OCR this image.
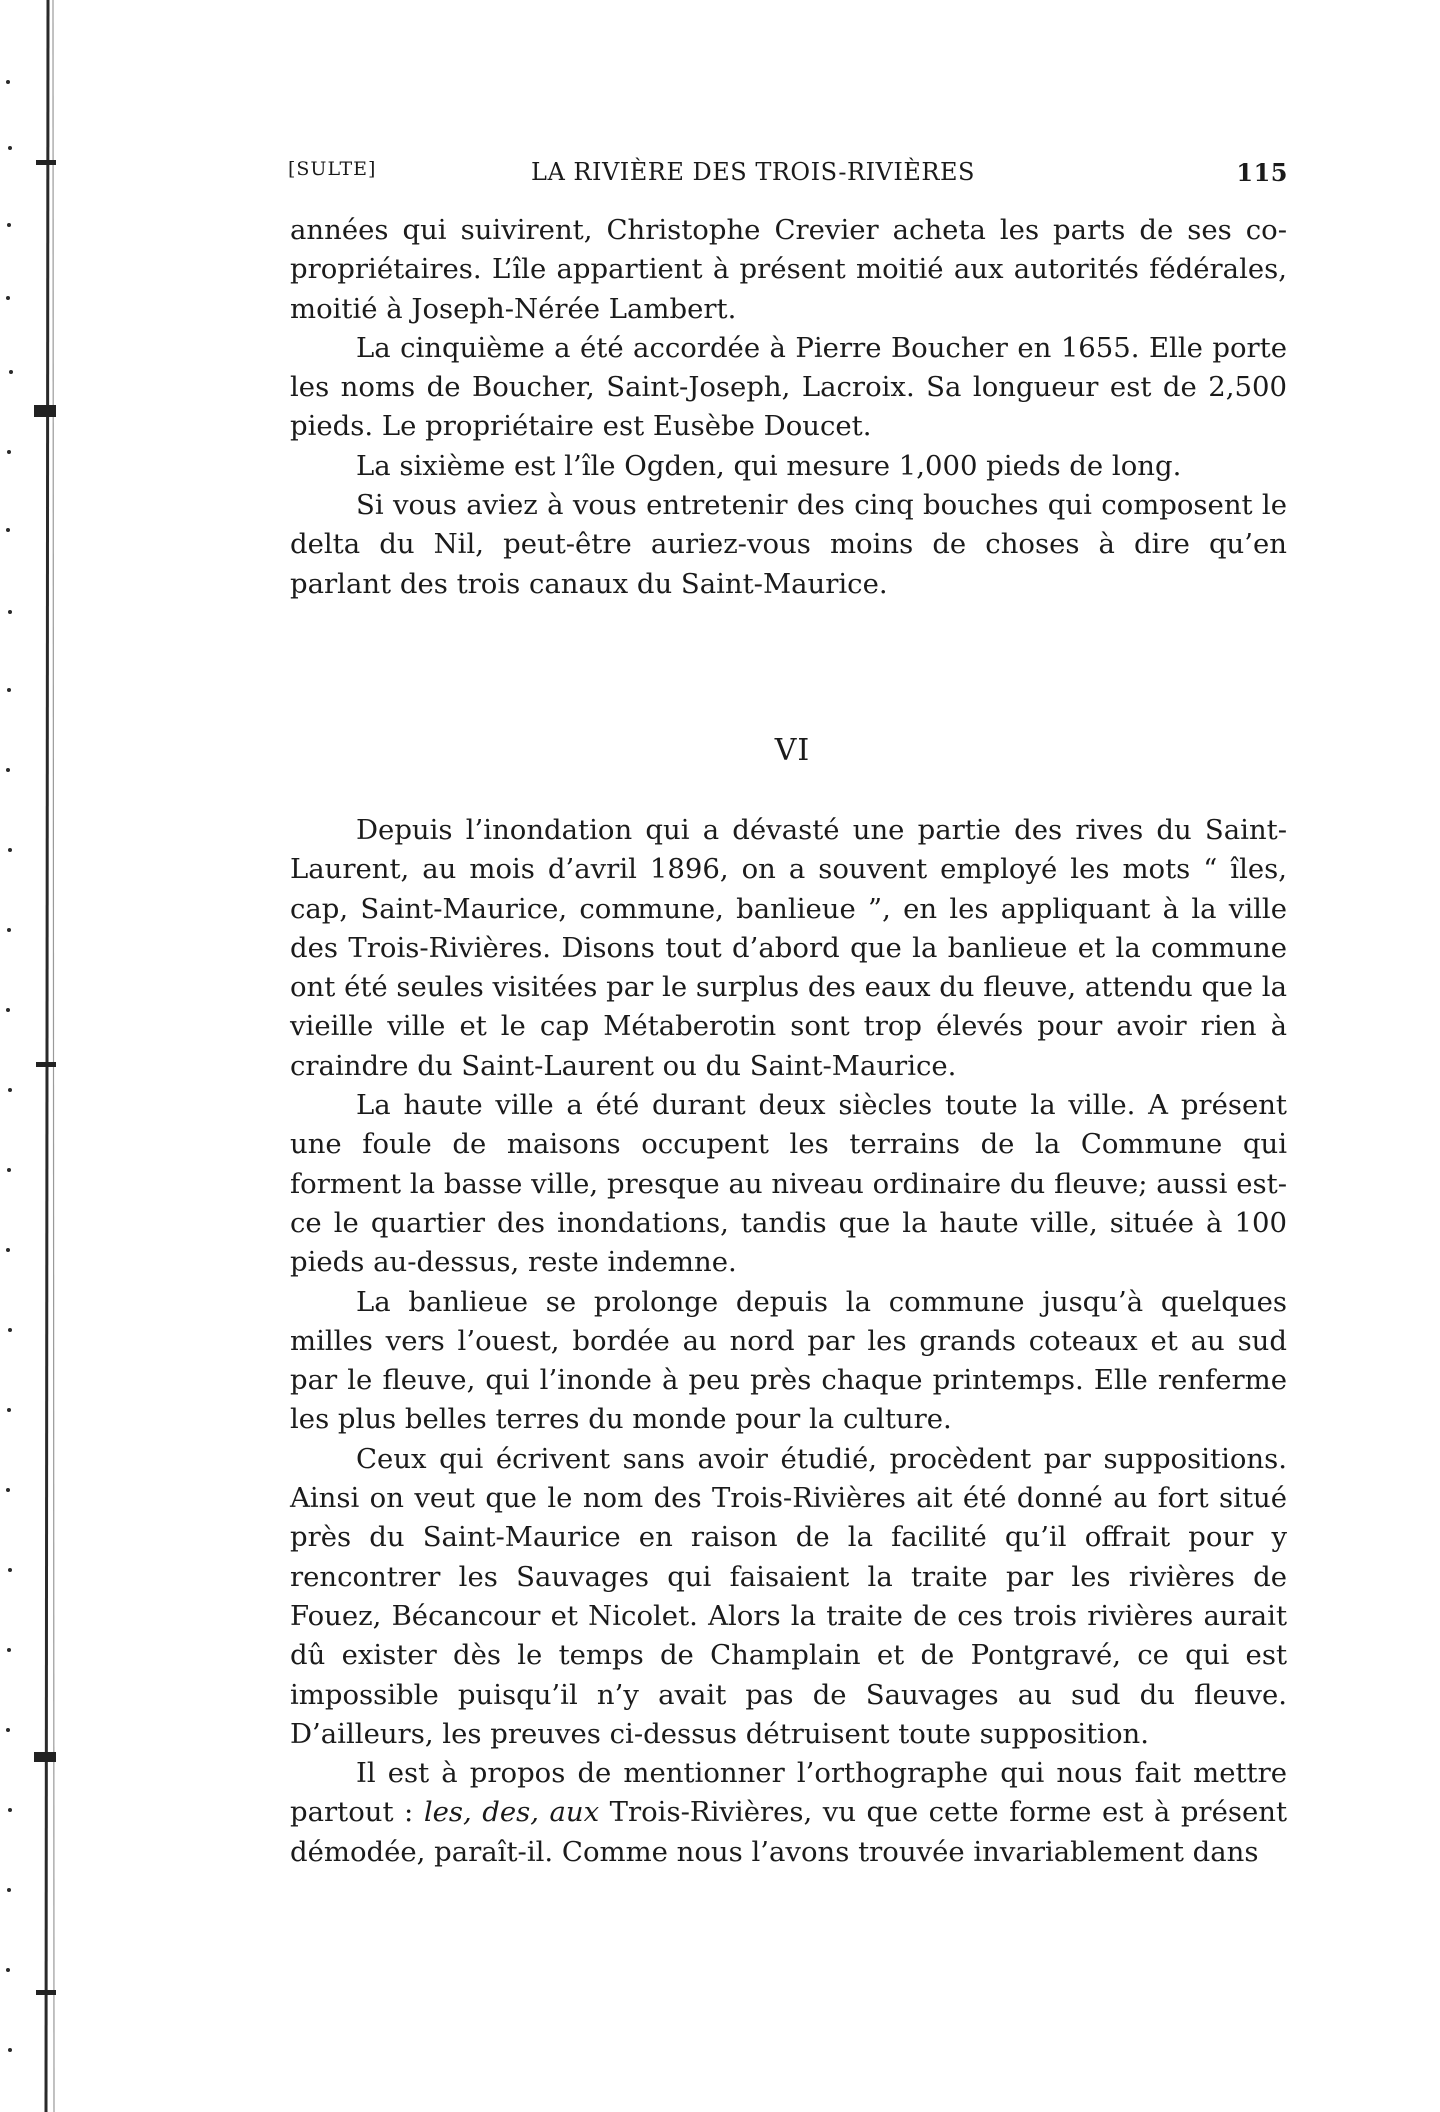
[SULTE]	LA RIVIÈRE DES TROIS-RIVIÈRES	115

années qui suivirent, Christophe Crevier acheta les parts de ses co-propriétaires. L’île appartient à présent moitié aux autorités fédérales, moitié à Joseph-Nérée Lambert.

La cinquième a été accordée à Pierre Boucher en 1655. Elle porte les noms de Boucher, Saint-Joseph, Lacroix. Sa longueur est de 2,500 pieds. Le propriétaire est Eusèbe Doucet.

La sixième est l’île Ogden, qui mesure 1,000 pieds de long.

Si vous aviez à vous entretenir des cinq bouches qui composent le delta du Nil, peut-être auriez-vous moins de choses à dire qu’en parlant des trois canaux du Saint-Maurice.

VI

Depuis l’inondation qui a dévasté une partie des rives du Saint-Laurent, au mois d’avril 1896, on a souvent employé les mots “ îles, cap, Saint-Maurice, commune, banlieue ”, en les appliquant à la ville des Trois-Rivières. Disons tout d’abord que la banlieue et la commune ont été seules visitées par le surplus des eaux du fleuve, attendu que la vieille ville et le cap Métaberotin sont trop élevés pour avoir rien à craindre du Saint-Laurent ou du Saint-Maurice.

La haute ville a été durant deux siècles toute la ville. A présent une foule de maisons occupent les terrains de la Commune qui forment la basse ville, presque au niveau ordinaire du fleuve; aussi est-ce le quartier des inondations, tandis que la haute ville, située à 100 pieds au-dessus, reste indemne.

La banlieue se prolonge depuis la commune jusqu’à quelques milles vers l’ouest, bordée au nord par les grands coteaux et au sud par le fleuve, qui l’inonde à peu près chaque printemps. Elle renferme les plus belles terres du monde pour la culture.

Ceux qui écrivent sans avoir étudié, procèdent par suppositions. Ainsi on veut que le nom des Trois-Rivières ait été donné au fort situé près du Saint-Maurice en raison de la facilité qu’il offrait pour y rencontrer les Sauvages qui faisaient la traite par les rivières de Fouez, Bécancour et Nicolet. Alors la traite de ces trois rivières aurait dû exister dès le temps de Champlain et de Pontgravé, ce qui est impossible puisqu’il n’y avait pas de Sauvages au sud du fleuve. D’ailleurs, les preuves ci-dessus détruisent toute supposition.

Il est à propos de mentionner l’orthographe qui nous fait mettre partout : les, des, aux Trois-Rivières, vu que cette forme est à présent démodée, paraît-il. Comme nous l’avons trouvée invariablement dans
